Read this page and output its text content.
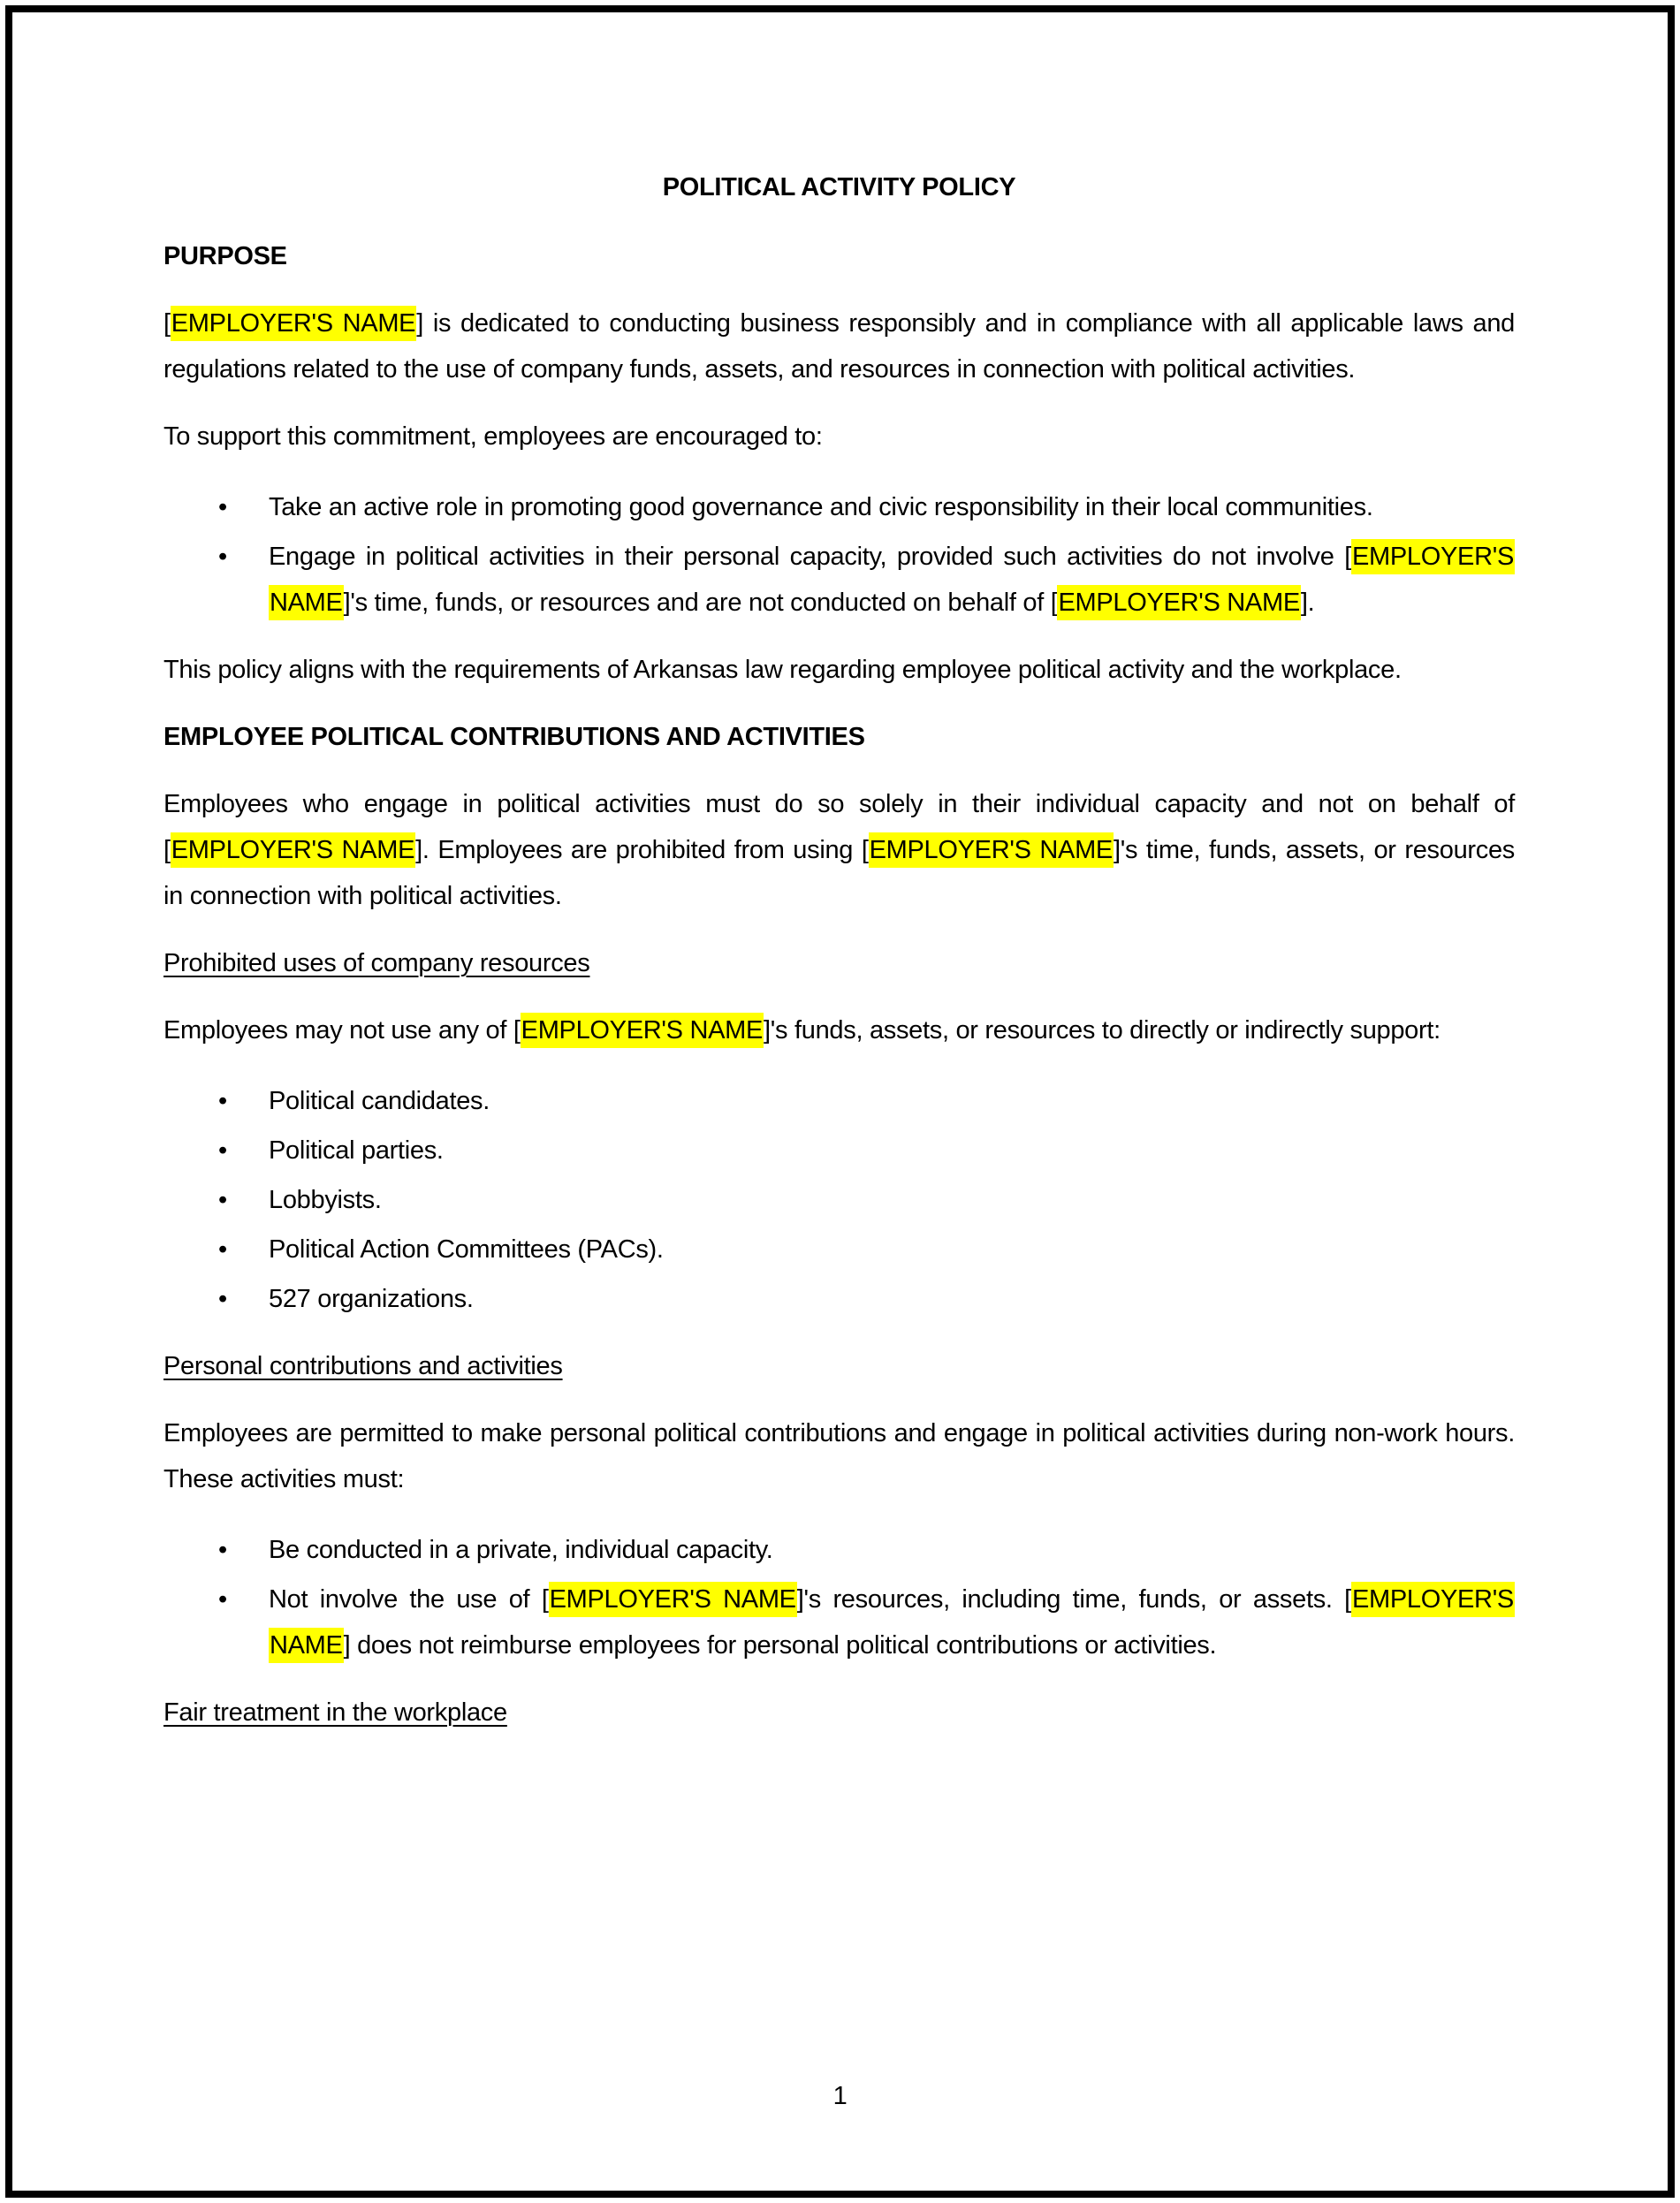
POLITICAL ACTIVITY POLICY
PURPOSE
[EMPLOYER'S NAME] is dedicated to conducting business responsibly and in compliance with all applicable laws and regulations related to the use of company funds, assets, and resources in connection with political activities.
To support this commitment, employees are encouraged to:
• Take an active role in promoting good governance and civic responsibility in their local communities.
• Engage in political activities in their personal capacity, provided such activities do not involve [EMPLOYER'S NAME]'s time, funds, or resources and are not conducted on behalf of [EMPLOYER'S NAME].
This policy aligns with the requirements of Arkansas law regarding employee political activity and the workplace.
EMPLOYEE POLITICAL CONTRIBUTIONS AND ACTIVITIES
Employees who engage in political activities must do so solely in their individual capacity and not on behalf of [EMPLOYER'S NAME]. Employees are prohibited from using [EMPLOYER'S NAME]'s time, funds, assets, or resources in connection with political activities.
Prohibited uses of company resources
Employees may not use any of [EMPLOYER'S NAME]'s funds, assets, or resources to directly or indirectly support:
• Political candidates.
• Political parties.
• Lobbyists.
• Political Action Committees (PACs).
• 527 organizations.
Personal contributions and activities
Employees are permitted to make personal political contributions and engage in political activities during non-work hours. These activities must:
• Be conducted in a private, individual capacity.
• Not involve the use of [EMPLOYER'S NAME]'s resources, including time, funds, or assets. [EMPLOYER'S NAME] does not reimburse employees for personal political contributions or activities.
Fair treatment in the workplace
1
